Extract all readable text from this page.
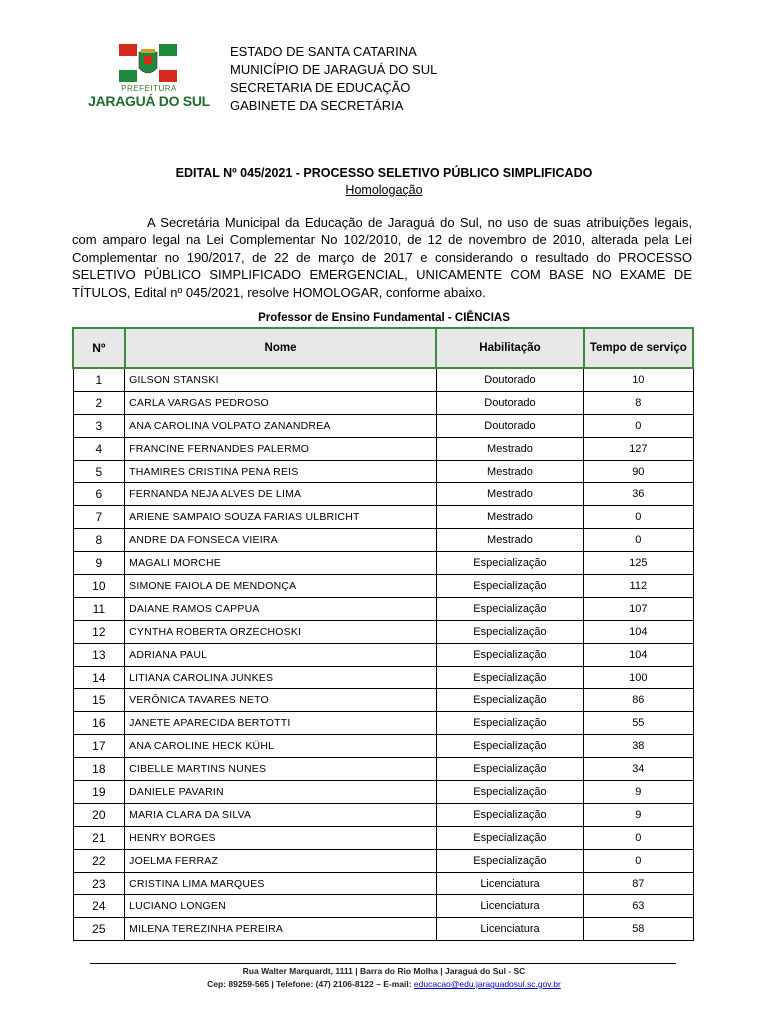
PREFEITURA
JARAGUÁ DO SUL
ESTADO DE SANTA CATARINA
MUNICÍPIO DE JARAGUÁ DO SUL
SECRETARIA DE EDUCAÇÃO
GABINETE DA SECRETÁRIA
EDITAL Nº 045/2021 - PROCESSO SELETIVO PÚBLICO SIMPLIFICADO
Homologação
A Secretária Municipal da Educação de Jaraguá do Sul, no uso de suas atribuições legais, com amparo legal na Lei Complementar No 102/2010, de 12 de novembro de 2010, alterada pela Lei Complementar no 190/2017, de 22 de março de 2017 e considerando o resultado do PROCESSO SELETIVO PÚBLICO SIMPLIFICADO EMERGENCIAL, UNICAMENTE COM BASE NO EXAME DE TÍTULOS, Edital nº 045/2021, resolve HOMOLOGAR, conforme abaixo.
Professor de Ensino Fundamental - CIÊNCIAS
Nº	Nome	Habilitação	Tempo de serviço
1	GILSON STANSKI	Doutorado	10
2	CARLA VARGAS PEDROSO	Doutorado	8
3	ANA CAROLINA VOLPATO ZANANDREA	Doutorado	0
4	FRANCINE FERNANDES PALERMO	Mestrado	127
5	THAMIRES CRISTINA PENA REIS	Mestrado	90
6	FERNANDA NEJA ALVES DE LIMA	Mestrado	36
7	ARIENE SAMPAIO SOUZA FARIAS ULBRICHT	Mestrado	0
8	ANDRE DA FONSECA VIEIRA	Mestrado	0
9	MAGALI MORCHE	Especialização	125
10	SIMONE FAIOLA DE MENDONÇA	Especialização	112
11	DAIANE RAMOS CAPPUA	Especialização	107
12	CYNTHA ROBERTA ORZECHOSKI	Especialização	104
13	ADRIANA PAUL	Especialização	104
14	LITIANA CAROLINA JUNKES	Especialização	100
15	VERÔNICA TAVARES NETO	Especialização	86
16	JANETE APARECIDA BERTOTTI	Especialização	55
17	ANA CAROLINE HECK KÜHL	Especialização	38
18	CIBELLE MARTINS NUNES	Especialização	34
19	DANIELE PAVARIN	Especialização	9
20	MARIA CLARA DA SILVA	Especialização	9
21	HENRY BORGES	Especialização	0
22	JOELMA FERRAZ	Especialização	0
23	CRISTINA LIMA MARQUES	Licenciatura	87
24	LUCIANO LONGEN	Licenciatura	63
25	MILENA TEREZINHA PEREIRA	Licenciatura	58
Rua Walter Marquardt, 1111 | Barra do Rio Molha | Jaraguá do Sul - SC
Cep: 89259-565 | Telefone: (47) 2106-8122 – E-mail: educacao@edu.jaraguadosul.sc.gov.br
